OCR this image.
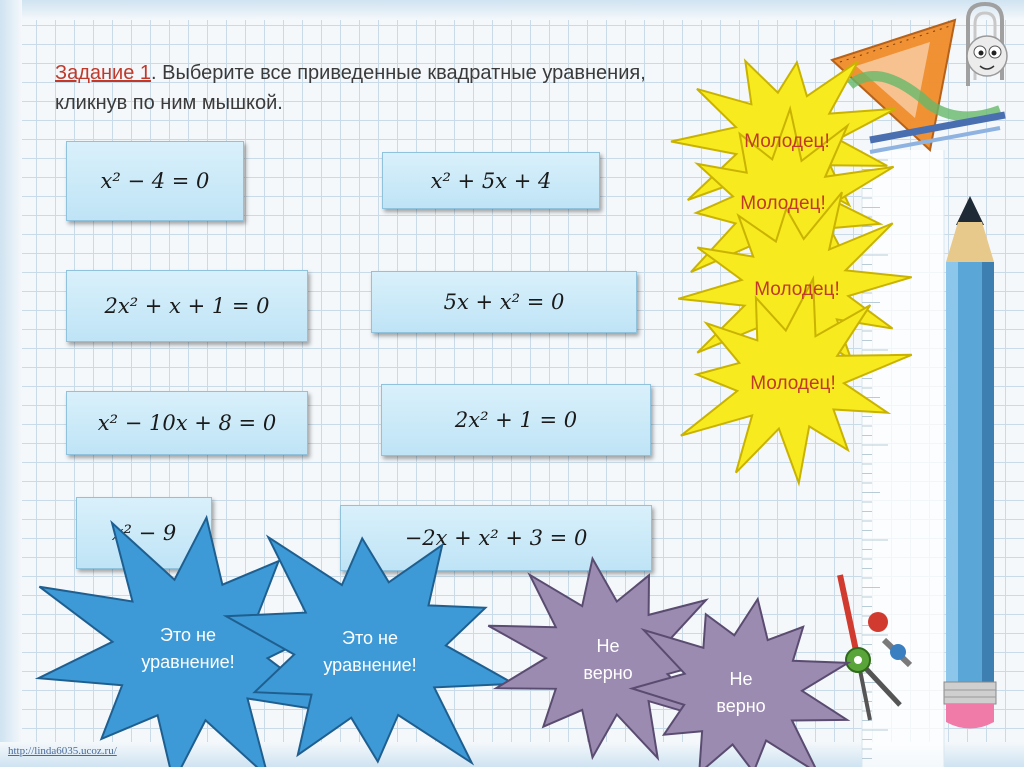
Задание 1. Выберите все приведенные квадратные уравнения,
кликнув по ним мышкой.
Молодец!
Молодец!
Молодец!
Молодец!
x² − 4 = 0	x² + 5x + 4
2x² + x + 1 = 0	5x + x² = 0
x² − 10x + 8 = 0	2x² + 1 = 0
x² − 9	−2x + x² + 3 = 0
Это не
уравнение!
Это не
уравнение!
Не
верно	Не
верно
http://linda6035.ucoz.ru/
